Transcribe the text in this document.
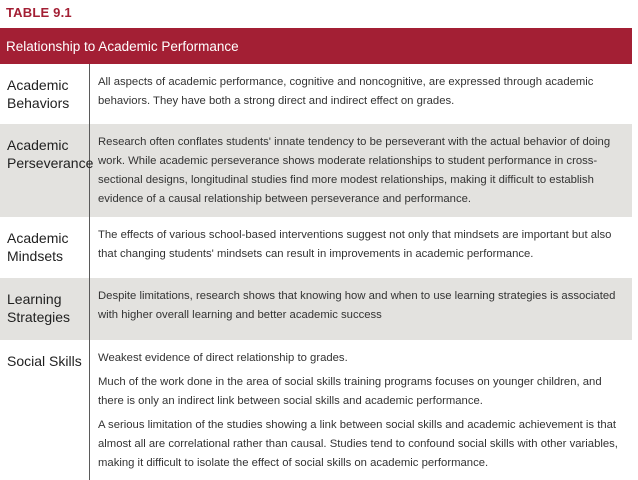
TABLE 9.1
Relationship to Academic Performance
Academic
Behaviors

All aspects of academic performance, cognitive and noncognitive, are expressed through academic behaviors. They have both a strong direct and indirect effect on grades.

Academic
Perseverance

Research often conflates students' innate tendency to be perseverant with the actual behavior of doing work. While academic perseverance shows moderate relationships to student performance in cross-sectional designs, longitudinal studies find more modest relationships, making it difficult to establish evidence of a causal relationship between perseverance and performance.

Academic
Mindsets

The effects of various school-based interventions suggest not only that mindsets are important but also that changing students' mindsets can result in improvements in academic performance.

Learning
Strategies

Despite limitations, research shows that knowing how and when to use learning strategies is associated with higher overall learning and better academic success

Social Skills	Weakest evidence of direct relationship to grades.

Much of the work done in the area of social skills training programs focuses on younger children, and there is only an indirect link between social skills and academic performance.

A serious limitation of the studies showing a link between social skills and academic achievement is that almost all are correlational rather than causal. Studies tend to confound social skills with other variables, making it difficult to isolate the effect of social skills on academic performance.
